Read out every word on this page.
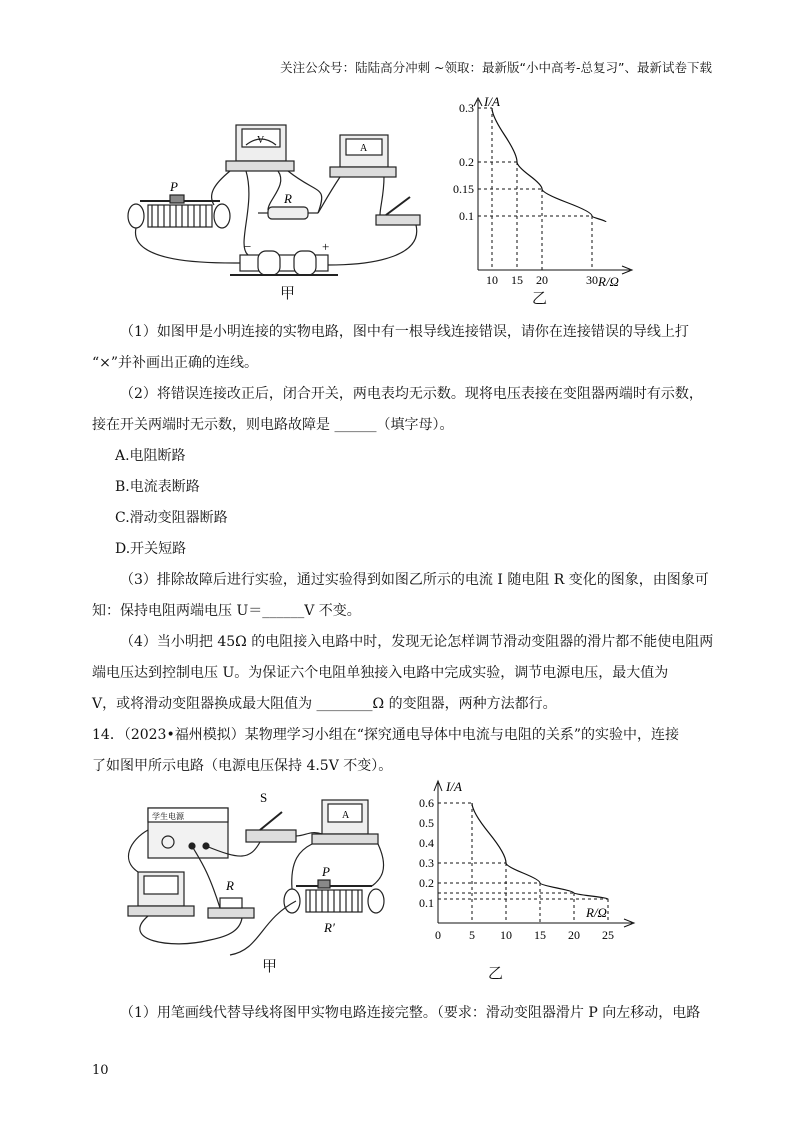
关注公众号：陆陆高分冲刺 ~领取：最新版“小中高考-总复习”、最新试卷下载
P
R
V
A
−	+
甲
I/A
R/Ω
0.3
10
0.2
15
0.15
20
0.1
30
乙
（1）如图甲是小明连接的实物电路，图中有一根导线连接错误，请你在连接错误的导线上打
“×”并补画出正确的连线。
（2）将错误连接改正后，闭合开关，两电表均无示数。现将电压表接在变阻器两端时有示数，
接在开关两端时无示数，则电路故障是 ______（填字母）。
A.电阻断路
B.电流表断路
C.滑动变阻器断路
D.开关短路
（3）排除故障后进行实验，通过实验得到如图乙所示的电流 I 随电阻 R 变化的图象，由图象可
知：保持电阻两端电压 U＝______V 不变。
（4）当小明把 45Ω 的电阻接入电路中时，发现无论怎样调节滑动变阻器的滑片都不能使电阻两
端电压达到控制电压 U。为保证六个电阻单独接入电路中完成实验，调节电源电压，最大值为
V，或将滑动变阻器换成最大阻值为 ________Ω 的变阻器，两种方法都行。
14．（2023•福州模拟）某物理学习小组在“探究通电导体中电流与电阻的关系”的实验中，连接
了如图甲所示电路（电源电压保持 4.5V 不变）。
S
R
P
R′
A
学生电源
甲
I/A
R/Ω
0 5 10 15 20 25
0.1
0.2
0.3
0.4
0.5
0.6
乙
（1）用笔画线代替导线将图甲实物电路连接完整。（要求：滑动变阻器滑片 P 向左移动，电路
10
